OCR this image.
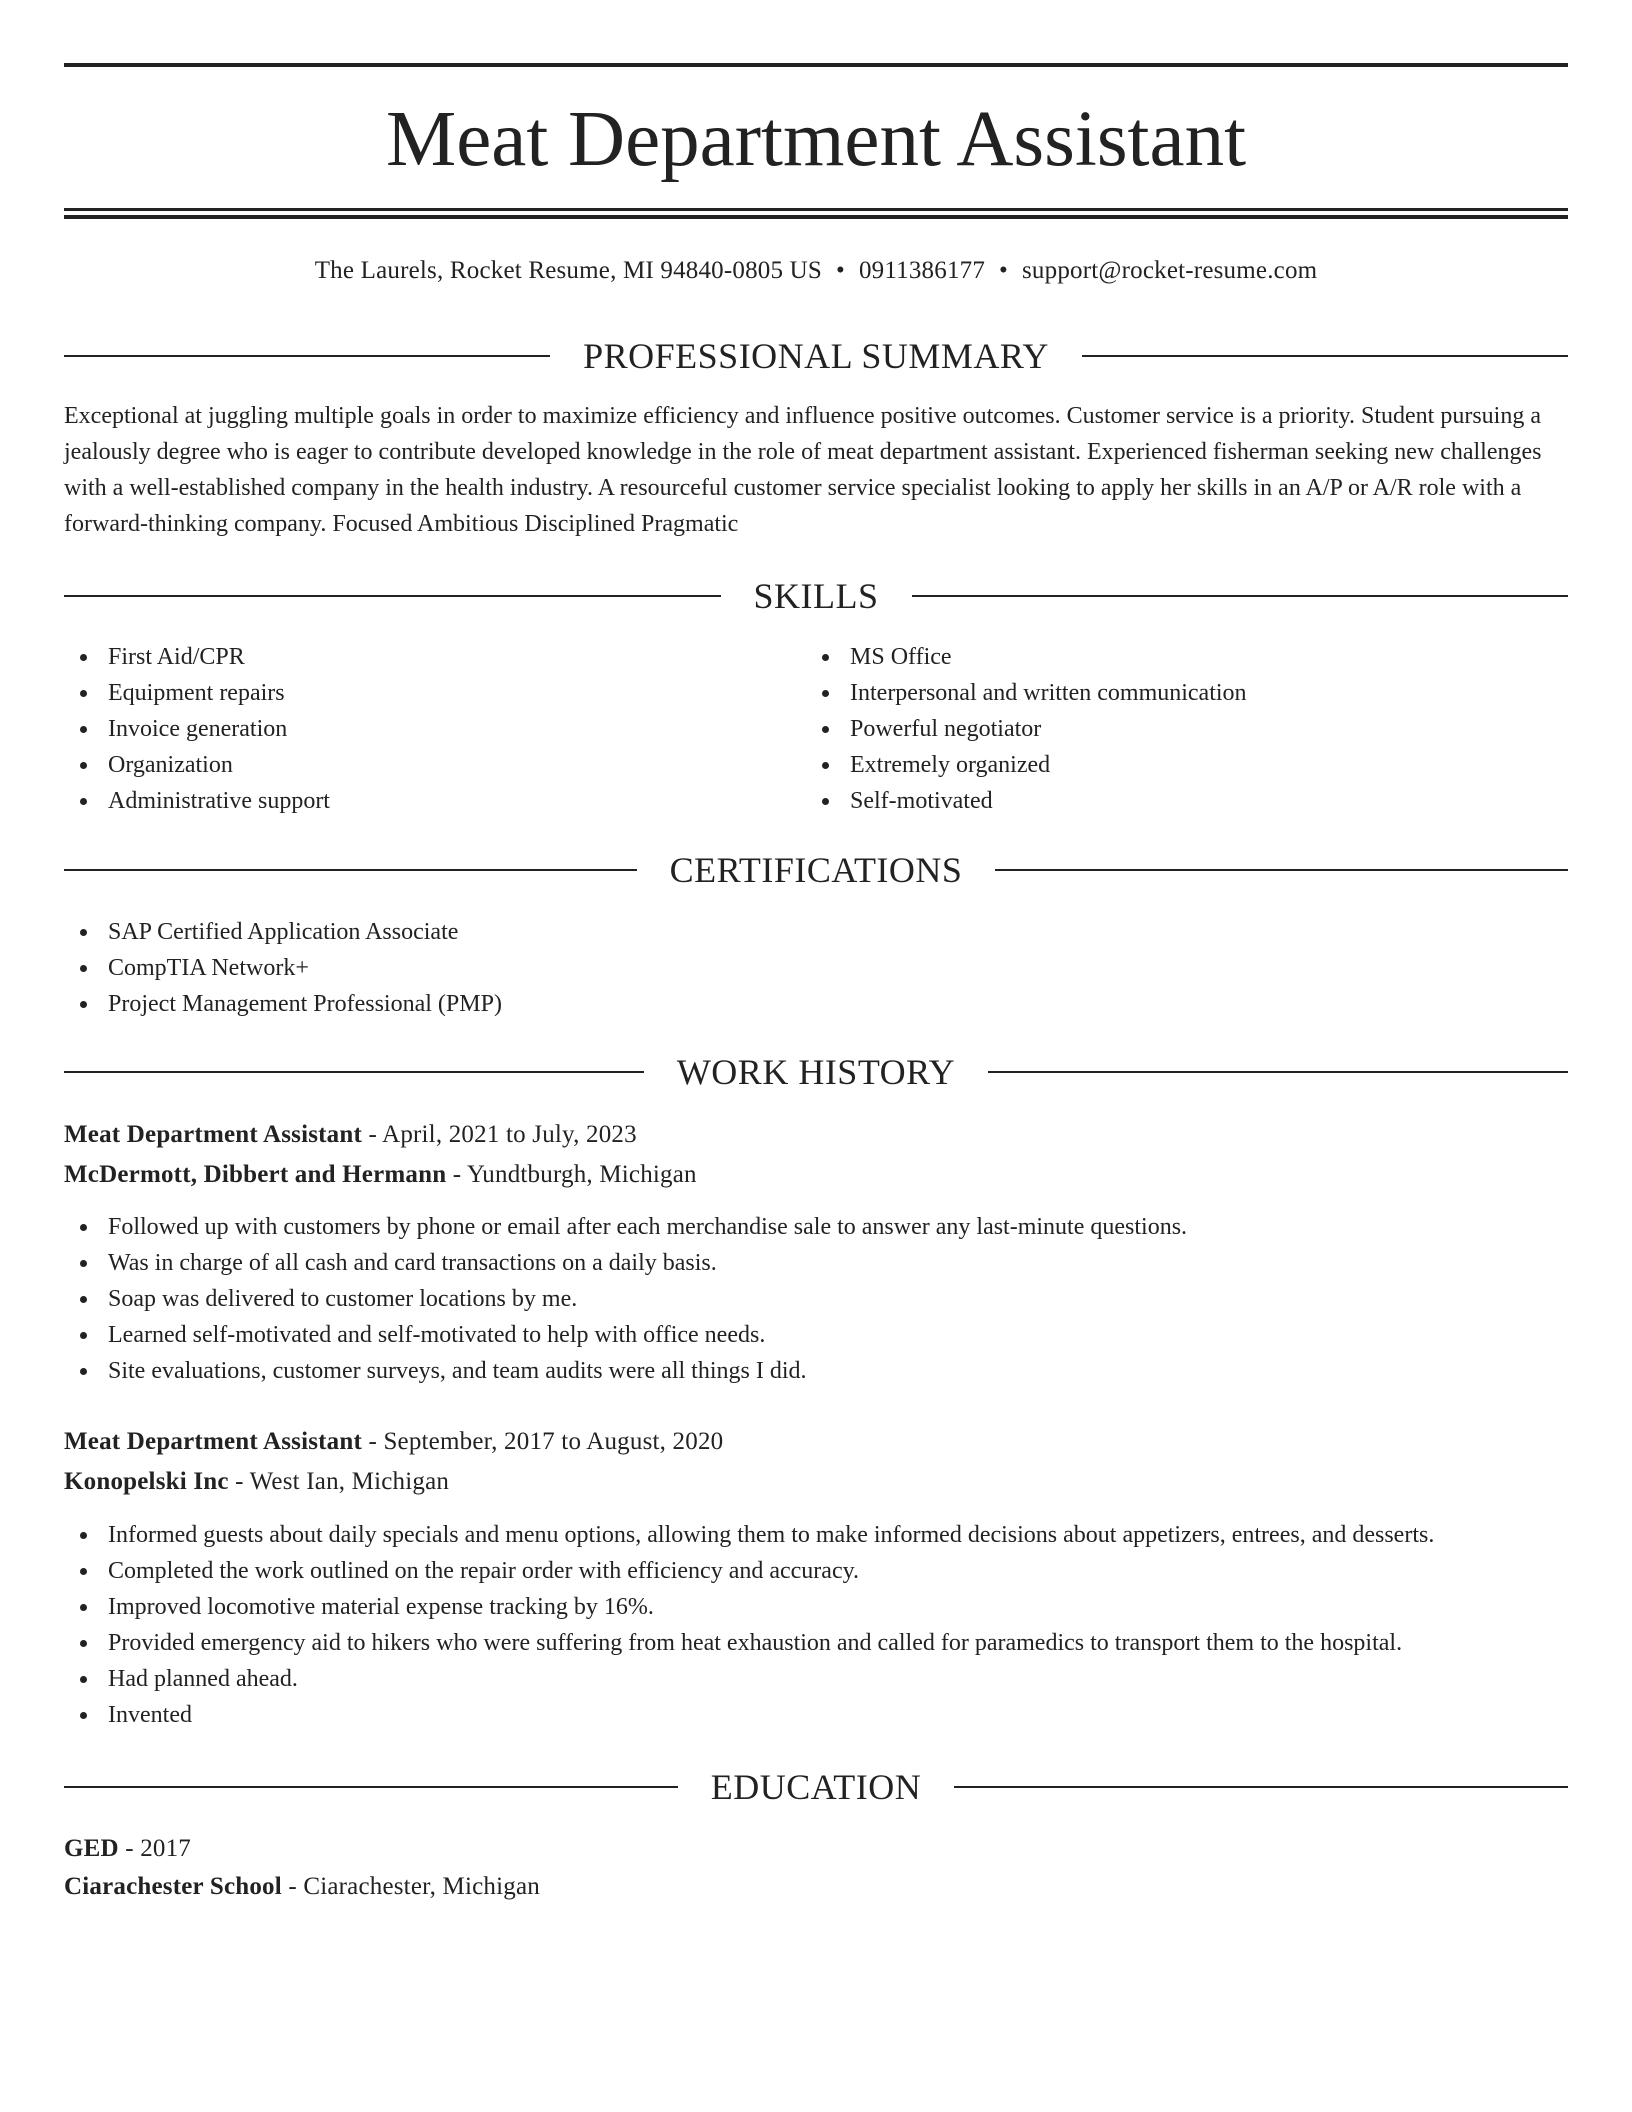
Meat Department Assistant
The Laurels, Rocket Resume, MI 94840-0805 US • 0911386177 • support@rocket-resume.com
PROFESSIONAL SUMMARY

Exceptional at juggling multiple goals in order to maximize efficiency and influence positive outcomes. Customer service is a priority. Student pursuing a jealously degree who is eager to contribute developed knowledge in the role of meat department assistant. Experienced fisherman seeking new challenges with a well-established company in the health industry. A resourceful customer service specialist looking to apply her skills in an A/P or A/R role with a forward-thinking company. Focused Ambitious Disciplined Pragmatic

SKILLS
First Aid/CPR
Equipment repairs
Invoice generation
Organization
Administrative support
MS Office
Interpersonal and written communication
Powerful negotiator
Extremely organized
Self-motivated
CERTIFICATIONS
SAP Certified Application Associate
CompTIA Network+
Project Management Professional (PMP)
WORK HISTORY
Meat Department Assistant - April, 2021 to July, 2023
McDermott, Dibbert and Hermann - Yundtburgh, Michigan
Followed up with customers by phone or email after each merchandise sale to answer any last-minute questions.
Was in charge of all cash and card transactions on a daily basis.
Soap was delivered to customer locations by me.
Learned self-motivated and self-motivated to help with office needs.
Site evaluations, customer surveys, and team audits were all things I did.
Meat Department Assistant - September, 2017 to August, 2020
Konopelski Inc - West Ian, Michigan
Informed guests about daily specials and menu options, allowing them to make informed decisions about appetizers, entrees, and desserts.
Completed the work outlined on the repair order with efficiency and accuracy.
Improved locomotive material expense tracking by 16%.
Provided emergency aid to hikers who were suffering from heat exhaustion and called for paramedics to transport them to the hospital.
Had planned ahead.
Invented
EDUCATION
GED - 2017
Ciarachester School - Ciarachester, Michigan
